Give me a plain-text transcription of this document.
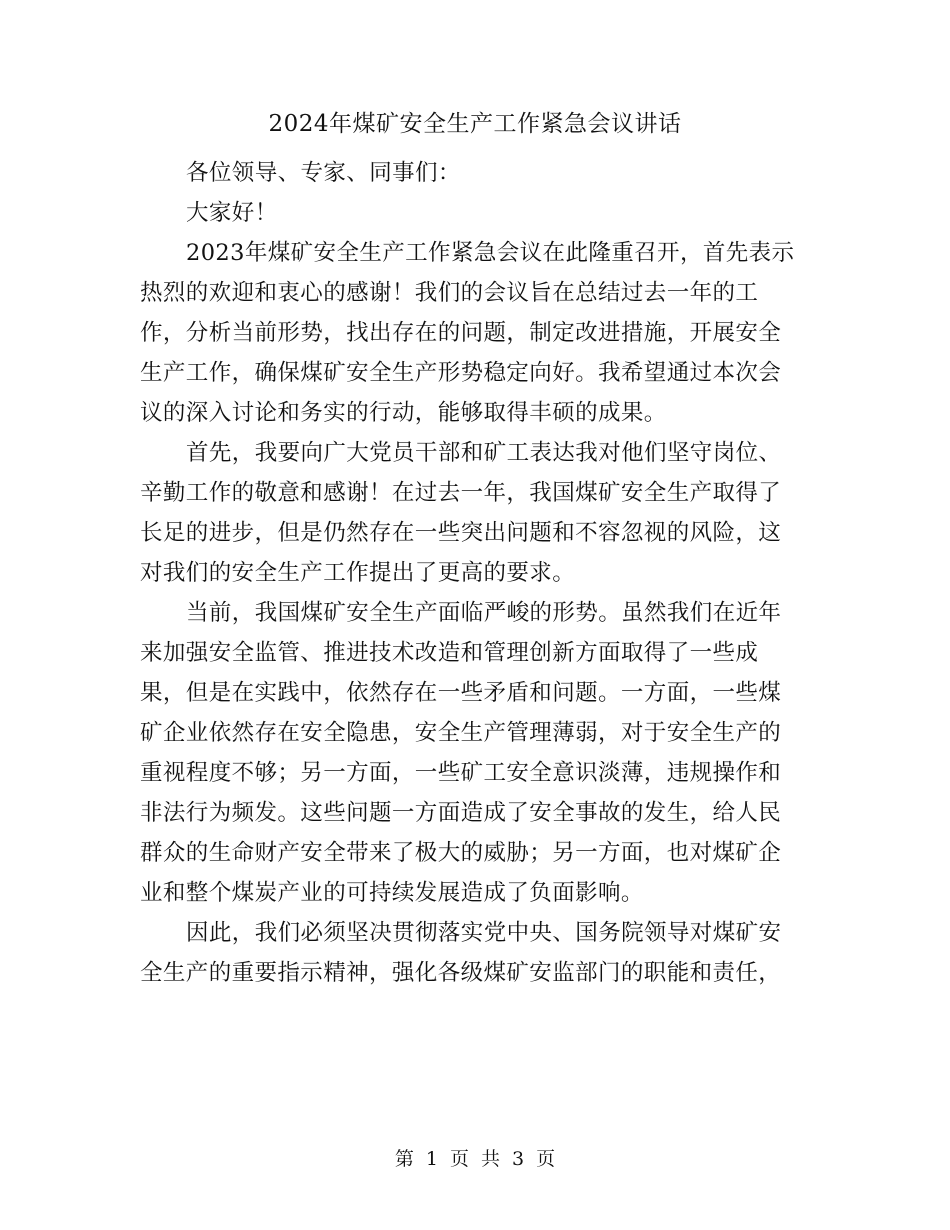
2024年煤矿安全生产工作紧急会议讲话

各位领导、专家、同事们：

大家好！

2023年煤矿安全生产工作紧急会议在此隆重召开，首先表示
热烈的欢迎和衷心的感谢！我们的会议旨在总结过去一年的工
作，分析当前形势，找出存在的问题，制定改进措施，开展安全
生产工作，确保煤矿安全生产形势稳定向好。我希望通过本次会
议的深入讨论和务实的行动，能够取得丰硕的成果。

首先，我要向广大党员干部和矿工表达我对他们坚守岗位、
辛勤工作的敬意和感谢！在过去一年，我国煤矿安全生产取得了
长足的进步，但是仍然存在一些突出问题和不容忽视的风险，这
对我们的安全生产工作提出了更高的要求。

当前，我国煤矿安全生产面临严峻的形势。虽然我们在近年
来加强安全监管、推进技术改造和管理创新方面取得了一些成
果，但是在实践中，依然存在一些矛盾和问题。一方面，一些煤
矿企业依然存在安全隐患，安全生产管理薄弱，对于安全生产的
重视程度不够；另一方面，一些矿工安全意识淡薄，违规操作和
非法行为频发。这些问题一方面造成了安全事故的发生，给人民
群众的生命财产安全带来了极大的威胁；另一方面，也对煤矿企
业和整个煤炭产业的可持续发展造成了负面影响。

因此，我们必须坚决贯彻落实党中央、国务院领导对煤矿安
全生产的重要指示精神，强化各级煤矿安监部门的职能和责任，

第 1 页 共 3 页
